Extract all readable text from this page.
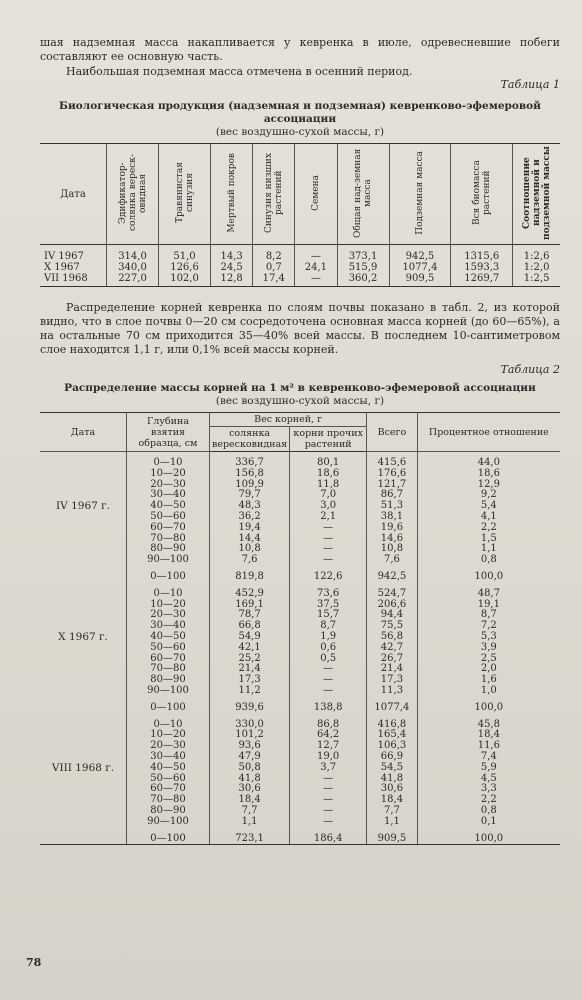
шая надземная масса накапливается у кевренка в июле, одревесневшие побеги составляют ее основную часть.

Наибольшая подземная масса отмечена в осенний период.

Таблица 1

Биологическая продукция (надземная и подземная) кевренково-эфемеровой ассоциации
(вес воздушно-сухой массы, г)

Дата	Эдификатор-солянка вереск-овидная	Травянистая синузия	Мертвый покров	Синузия низших растений	Семена	Общая над-земная масса	Подземная масса	Вся биомасса растений	Соотношение надземной и подземной массы
IV 1967	314,0	51,0	14,3	8,2	—	373,1	942,5	1315,6	1:2,6
X 1967	340,0	126,6	24,5	0,7	24,1	515,9	1077,4	1593,3	1:2,0
VII 1968	227,0	102,0	12,8	17,4	—	360,2	909,5	1269,7	1:2,5

Распределение корней кевренка по слоям почвы показано в табл. 2, из которой видно, что в слое почвы 0—20 см сосредоточена основная масса корней (до 60—65%), а на остальные 70 см приходится 35—40% всей массы. В последнем 10-сантиметровом слое находится 1,1 г, или 0,1% всей массы корней.

Таблица 2

Распределение массы корней на 1 м² в кевренково-эфемеровой ассоциации
(вес воздушно-сухой массы, г)

Дата	Глубина взятия образца, см	Вес корней, г		Всего	Процентное отношение
		солянка вересковидная	корни прочих растений		

	0—10	336,7	80,1	415,6	44,0
	10—20	156,8	18,6	176,6	18,6
	20—30	109,9	11,8	121,7	12,9
	30—40	79,7	7,0	86,7	9,2
IV 1967 г.	40—50	48,3	3,0	51,3	5,4
	50—60	36,2	2,1	38,1	4,1
	60—70	19,4	—	19,6	2,2
	70—80	14,4	—	14,6	1,5
	80—90	10,8	—	10,8	1,1
	90—100	7,6	—	7,6	0,8

	0—100	819,8	122,6	942,5	100,0

	0—10	452,9	73,6	524,7	48,7
	10—20	169,1	37,5	206,6	19,1
	20—30	78,7	15,7	94,4	8,7
	30—40	66,8	8,7	75,5	7,2
X 1967 г.	40—50	54,9	1,9	56,8	5,3
	50—60	42,1	0,6	42,7	3,9
	60—70	25,2	0,5	26,7	2,5
	70—80	21,4	—	21,4	2,0
	80—90	17,3	—	17,3	1,6
	90—100	11,2	—	11,3	1,0

	0—100	939,6	138,8	1077,4	100,0

	0—10	330,0	86,8	416,8	45,8
	10—20	101,2	64,2	165,4	18,4
	20—30	93,6	12,7	106,3	11,6
	30—40	47,9	19,0	66,9	7,4
VIII 1968 г.	40—50	50,8	3,7	54,5	5,9
	50—60	41,8	—	41,8	4,5
	60—70	30,6	—	30,6	3,3
	70—80	18,4	—	18,4	2,2
	80—90	7,7	—	7,7	0,8
	90—100	1,1	—	1,1	0,1

	0—100	723,1	186,4	909,5	100,0
78
